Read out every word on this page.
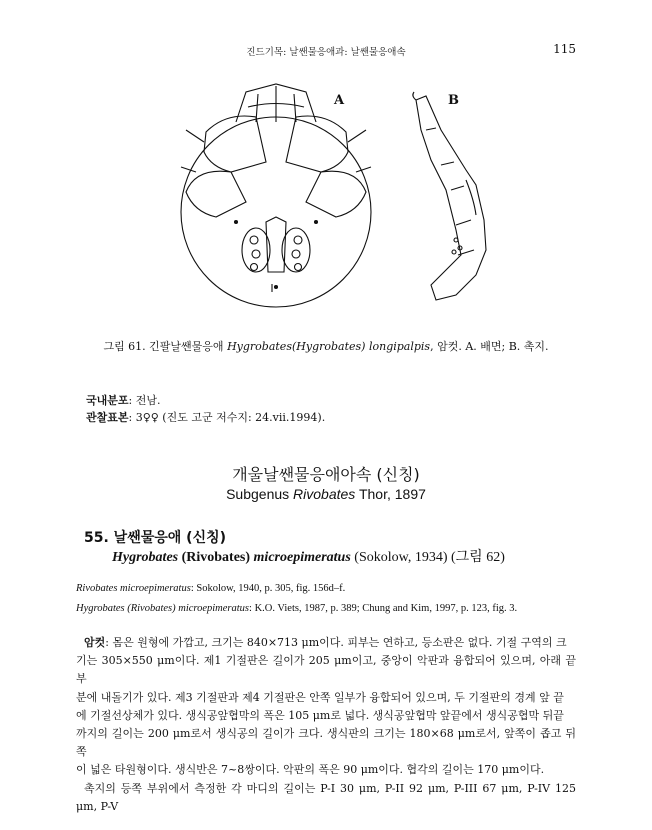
진드기목: 날쌘물응애과: 날쌘물응애속	115
A	B
그림 61. 긴팔날쌘물응애 Hygrobates(Hygrobates) longipalpis, 암컷. A. 배면; B. 촉지.
국내분포: 전남.
관찰표본: 3♀♀ (진도 고군 저수지: 24.vii.1994).
개울날쌘물응애아속 (신칭)
Subgenus Rivobates Thor, 1897
55. 날쌘물응애 (신칭)
Hygrobates (Rivobates) microepimeratus (Sokolow, 1934) (그림 62)
Rivobates microepimeratus: Sokolow, 1940, p. 305, fig. 156d–f.
Hygrobates (Rivobates) microepimeratus: K.O. Viets, 1987, p. 389; Chung and Kim, 1997, p. 123, fig. 3.
암컷: 몸은 원형에 가깝고, 크기는 840×713 μm이다. 피부는 연하고, 등소판은 없다. 기절 구역의 크
기는 305×550 μm이다. 제1 기절판은 길이가 205 μm이고, 중앙이 악판과 융합되어 있으며, 아래 끝 부
분에 내돌기가 있다. 제3 기절판과 제4 기절판은 안쪽 일부가 융합되어 있으며, 두 기절판의 경계 앞 끝
에 기절선상체가 있다. 생식공앞협막의 폭은 105 μm로 넓다. 생식공앞협막 앞끝에서 생식공협막 뒤끝
까지의 길이는 200 μm로서 생식공의 길이가 크다. 생식판의 크기는 180×68 μm로서, 앞쪽이 좁고 뒤쪽
이 넓은 타원형이다. 생식반은 7~8쌍이다. 악판의 폭은 90 μm이다. 협각의 길이는 170 μm이다.
촉지의 등쪽 부위에서 측정한 각 마디의 길이는 P-I 30 μm, P-II 92 μm, P-III 67 μm, P-IV 125 μm, P-V
